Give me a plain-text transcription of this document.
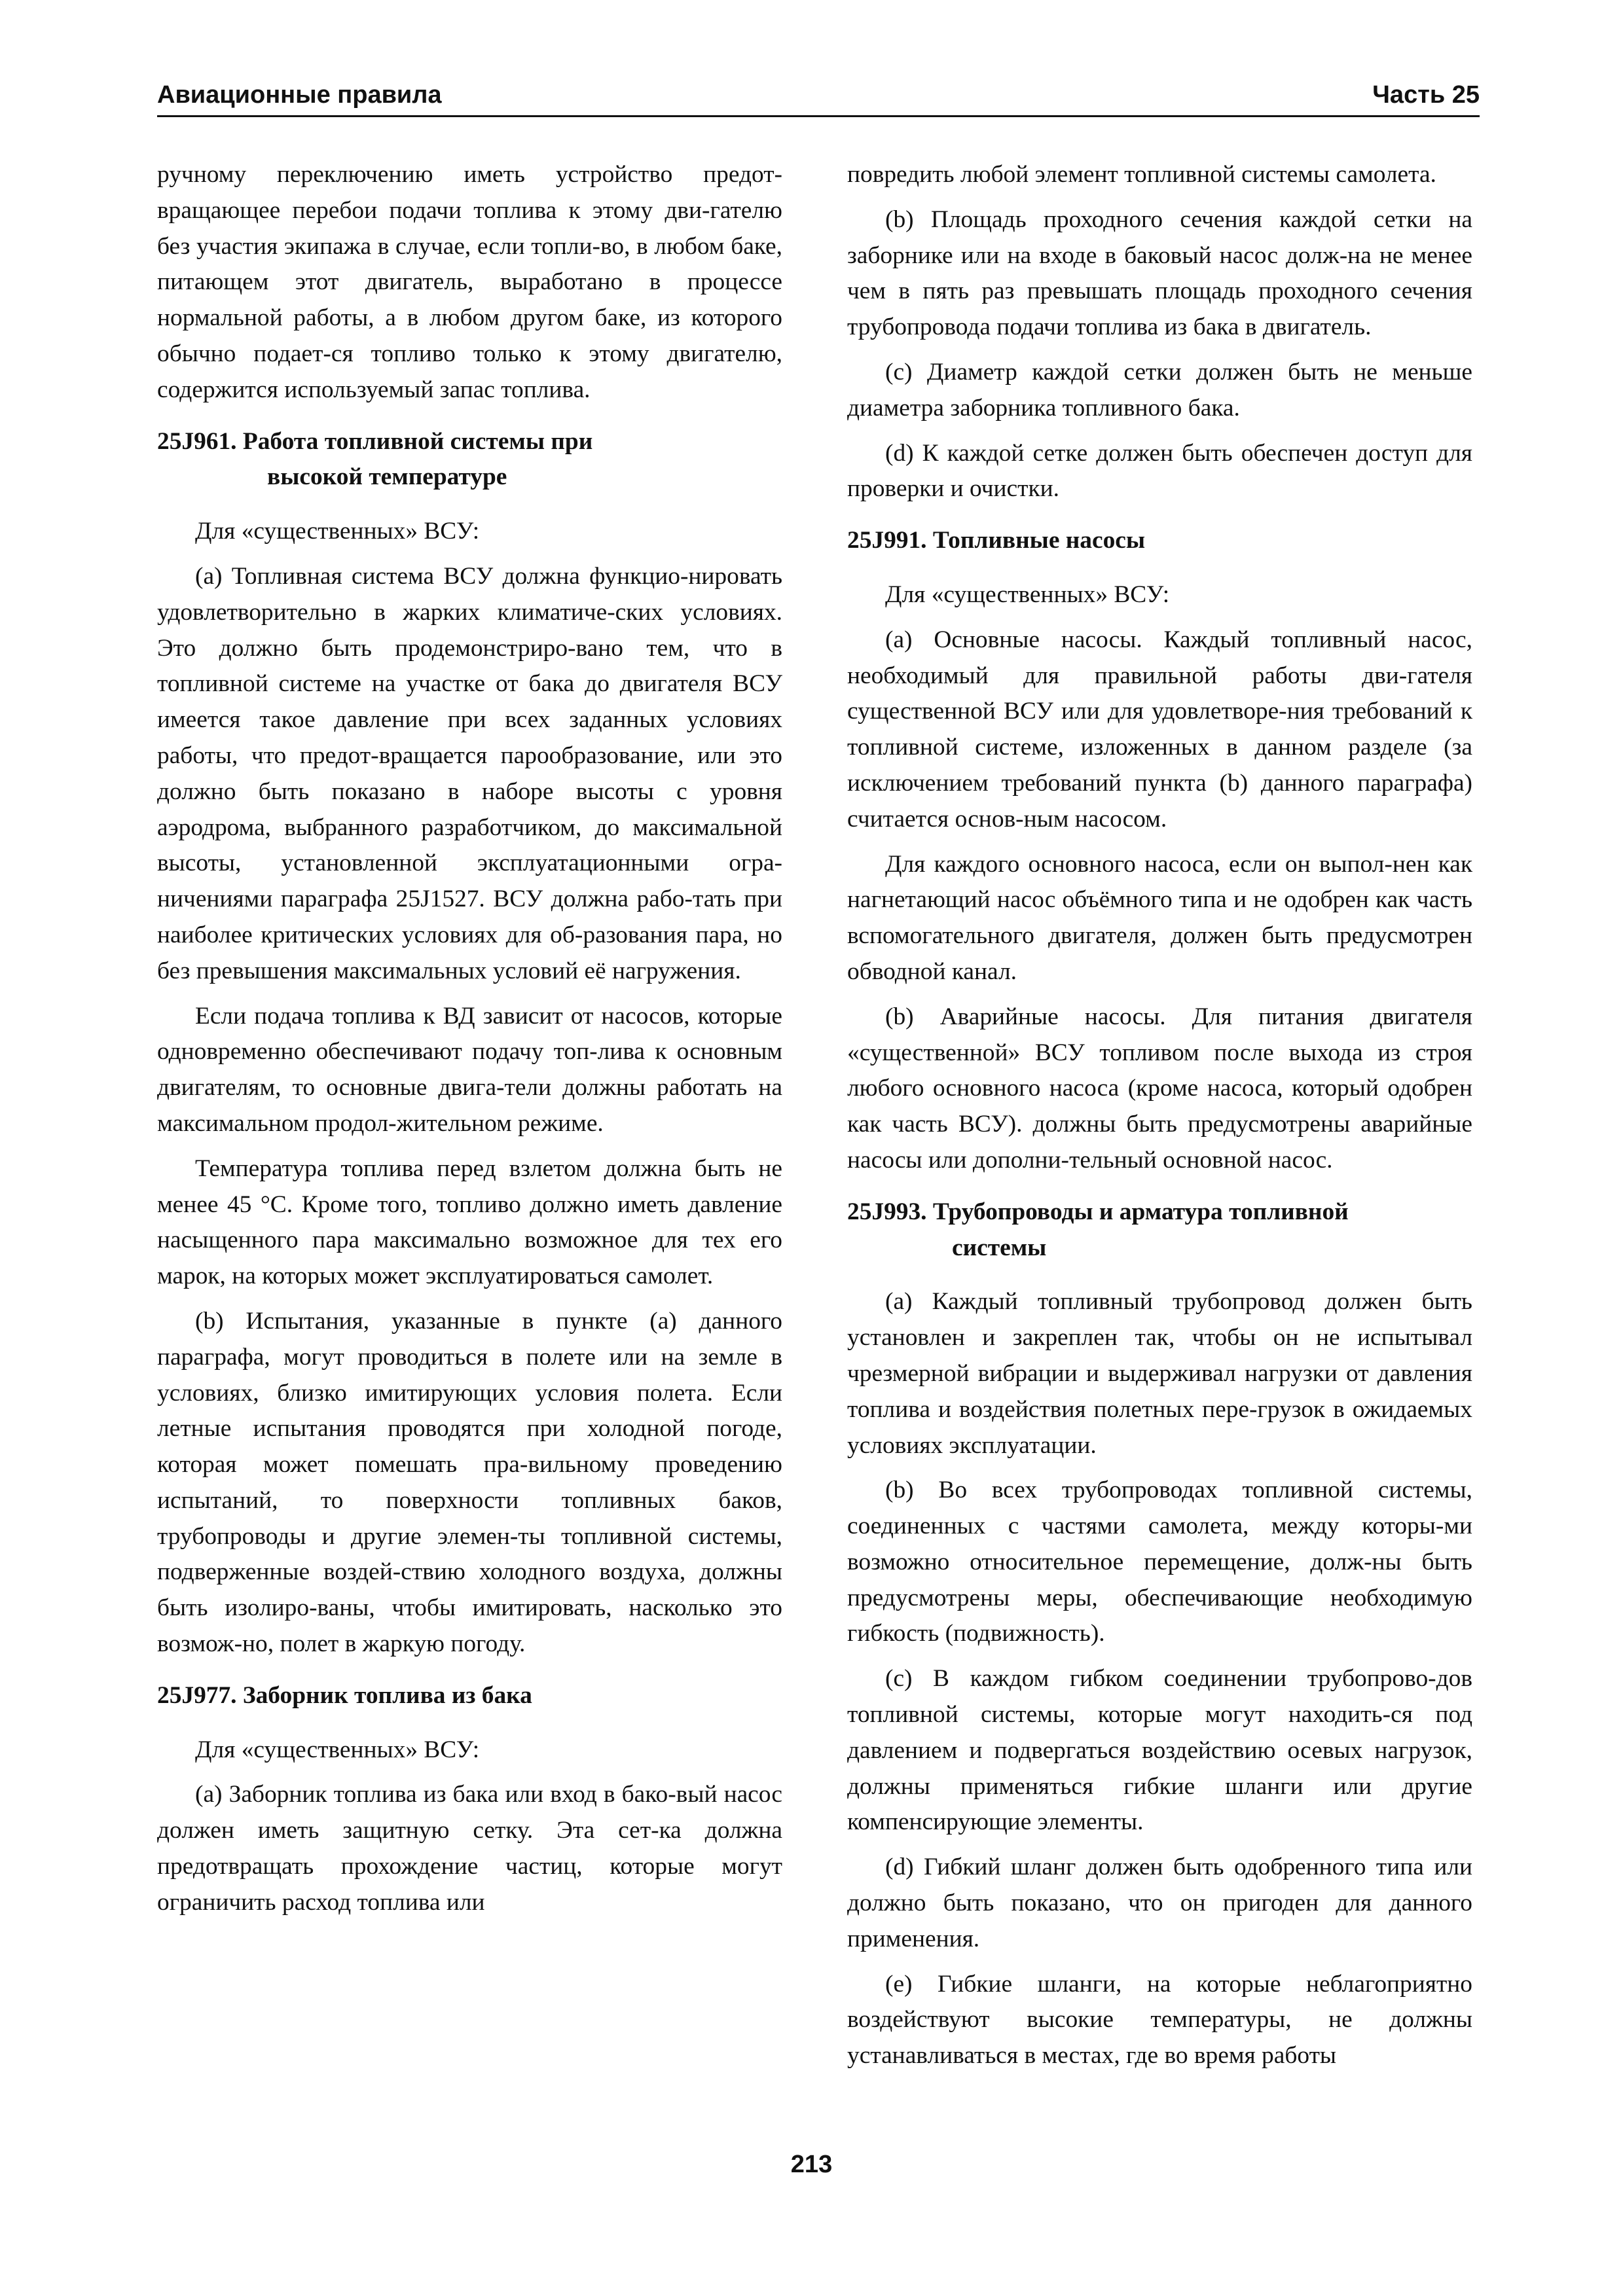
Авиационные правила	Часть 25

ручному переключению иметь устройство предот-вращающее перебои подачи топлива к этому дви-гателю без участия экипажа в случае, если топли-во, в любом баке, питающем этот двигатель, выработано в процессе нормальной работы, а в любом другом баке, из которого обычно подает-ся топливо только к этому двигателю, содержится используемый запас топлива.

25J961. Работа топливной системы при
высокой температуре

Для «существенных» ВСУ:

(a) Топливная система ВСУ должна функцио-нировать удовлетворительно в жарких климатиче-ских условиях. Это должно быть продемонстриро-вано тем, что в топливной системе на участке от бака до двигателя ВСУ имеется такое давление при всех заданных условиях работы, что предот-вращается парообразование, или это должно быть показано в наборе высоты с уровня аэродрома, выбранного разработчиком, до максимальной высоты, установленной эксплуатационными огра-ничениями параграфа 25J1527. ВСУ должна рабо-тать при наиболее критических условиях для об-разования пара, но без превышения максимальных условий её нагружения.

Если подача топлива к ВД зависит от насосов, которые одновременно обеспечивают подачу топ-лива к основным двигателям, то основные двига-тели должны работать на максимальном продол-жительном режиме.

Температура топлива перед взлетом должна быть не менее 45 °С. Кроме того, топливо должно иметь давление насыщенного пара максимально возможное для тех его марок, на которых может эксплуатироваться самолет.

(b) Испытания, указанные в пункте (а) данного параграфа, могут проводиться в полете или на земле в условиях, близко имитирующих условия полета. Если летные испытания проводятся при холодной погоде, которая может помешать пра-вильному проведению испытаний, то поверхности топливных баков, трубопроводы и другие элемен-ты топливной системы, подверженные воздей-ствию холодного воздуха, должны быть изолиро-ваны, чтобы имитировать, насколько это возмож-но, полет в жаркую погоду.

25J977. Заборник топлива из бака

Для «существенных» ВСУ:

(а) Заборник топлива из бака или вход в бако-вый насос должен иметь защитную сетку. Эта сет-ка должна предотвращать прохождение частиц, которые могут ограничить расход топлива или

повредить любой элемент топливной системы самолета.

(b) Площадь проходного сечения каждой сетки на заборнике или на входе в баковый насос долж-на не менее чем в пять раз превышать площадь проходного сечения трубопровода подачи топлива из бака в двигатель.

(c) Диаметр каждой сетки должен быть не меньше диаметра заборника топливного бака.

(d) К каждой сетке должен быть обеспечен доступ для проверки и очистки.

25J991. Топливные насосы

Для «существенных» ВСУ:

(a) Основные насосы. Каждый топливный насос, необходимый для правильной работы дви-гателя существенной ВСУ или для удовлетворе-ния требований к топливной системе, изложенных в данном разделе (за исключением требований пункта (b) данного параграфа) считается основ-ным насосом.

Для каждого основного насоса, если он выпол-нен как нагнетающий насос объёмного типа и не одобрен как часть вспомогательного двигателя, должен быть предусмотрен обводной канал.

(b) Аварийные насосы. Для питания двигателя «существенной» ВСУ топливом после выхода из строя любого основного насоса (кроме насоса, который одобрен как часть ВСУ). должны быть предусмотрены аварийные насосы или дополни-тельный основной насос.

25J993. Трубопроводы и арматура топливной
системы

(а) Каждый топливный трубопровод должен быть установлен и закреплен так, чтобы он не испытывал чрезмерной вибрации и выдерживал нагрузки от давления топлива и воздействия полетных пере-грузок в ожидаемых условиях эксплуатации.

(b) Во всех трубопроводах топливной системы, соединенных с частями самолета, между которы-ми возможно относительное перемещение, долж-ны быть предусмотрены меры, обеспечивающие необходимую гибкость (подвижность).

(c) В каждом гибком соединении трубопрово-дов топливной системы, которые могут находить-ся под давлением и подвергаться воздействию осевых нагрузок, должны применяться гибкие шланги или другие компенсирующие элементы.

(d) Гибкий шланг должен быть одобренного типа или должно быть показано, что он пригоден для данного применения.

(e) Гибкие шланги, на которые неблагоприятно воздействуют высокие температуры, не должны устанавливаться в местах, где во время работы

213
